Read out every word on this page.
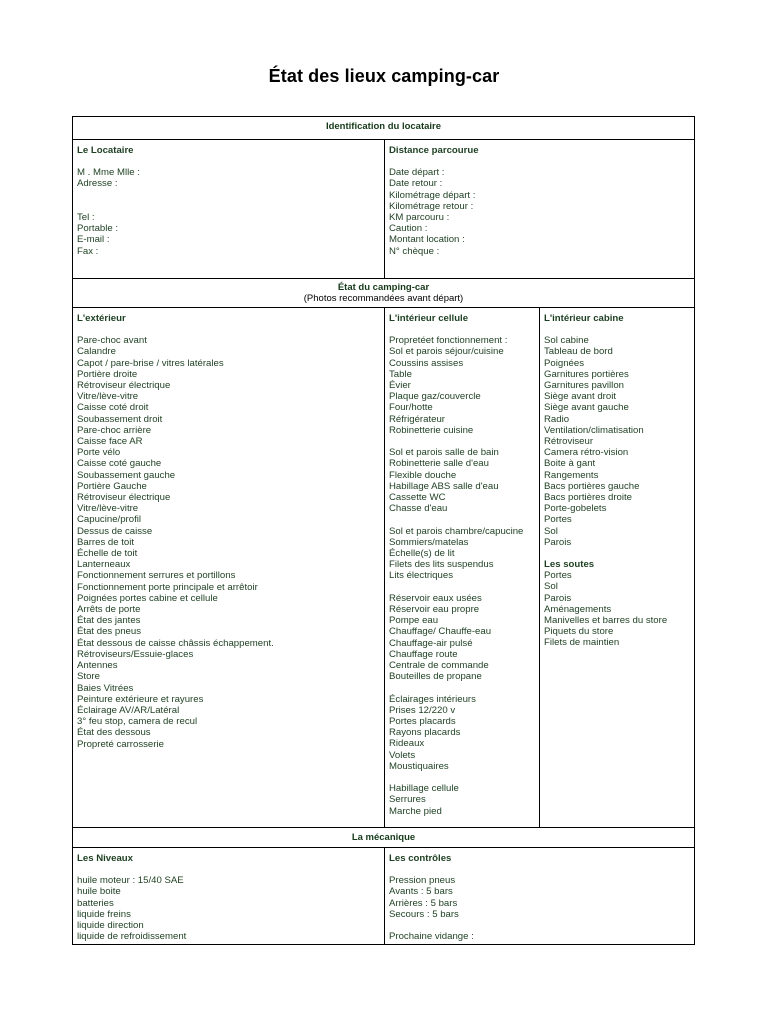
État des lieux camping-car
Identification du locataire
Le Locataire
M . Mme Mlle :
Adresse :
Tel :
Portable :
E-mail :
Fax :
Distance parcourue
Date départ :
Date retour :
Kilométrage départ :
Kilométrage retour :
KM parcouru :
Caution :
Montant location :
N° chèque :
État du camping-car
(Photos recommandées avant départ)
L'extérieur
Pare-choc avant
Calandre
Capot / pare-brise / vitres latérales
Portière droite
Rétroviseur électrique
Vitre/lève-vitre
Caisse coté droit
Soubassement droit
Pare-choc arrière
Caisse face AR
Porte vélo
Caisse coté gauche
Soubassement gauche
Portière Gauche
Rétroviseur électrique
Vitre/lève-vitre
Capucine/profil
Dessus de caisse
Barres de toit
Échelle de toit
Lanterneaux
Fonctionnement serrures et portillons
Fonctionnement porte principale et arrêtoir
Poignées portes cabine et cellule
Arrêts de porte
État des jantes
État des pneus
État dessous de caisse châssis échappement.
Rétroviseurs/Essuie-glaces
Antennes
Store
Baies Vitrées
Peinture extérieure et rayures
Éclairage AV/AR/Latéral
3° feu stop, camera de recul
État des dessous
Propreté carrosserie
L'intérieur cellule
Propretéet fonctionnement :
Sol et parois séjour/cuisine
Coussins assises
Table
Évier
Plaque gaz/couvercle
Four/hotte
Réfrigérateur
Robinetterie cuisine
Sol et parois salle de bain
Robinetterie salle d'eau
Flexible douche
Habillage ABS salle d'eau
Cassette WC
Chasse d'eau
Sol et parois chambre/capucine
Sommiers/matelas
Échelle(s) de lit
Filets des lits suspendus
Lits électriques
Réservoir eaux usées
Réservoir eau propre
Pompe eau
Chauffage/ Chauffe-eau
Chauffage-air pulsé
Chauffage route
Centrale de commande
Bouteilles de propane
Éclairages intérieurs
Prises 12/220 v
Portes placards
Rayons placards
Rideaux
Volets
Moustiquaires
Habillage cellule
Serrures
Marche pied
L'intérieur cabine
Sol cabine
Tableau de bord
Poignées
Garnitures portières
Garnitures pavillon
Siège avant droit
Siège avant gauche
Radio
Ventilation/climatisation
Rétroviseur
Camera rétro-vision
Boite à gant
Rangements
Bacs portières gauche
Bacs portières droite
Porte-gobelets
Portes
Sol
Parois
Les soutes
Portes
Sol
Parois
Aménagements
Manivelles et barres du store
Piquets du store
Filets de maintien
La mécanique
Les Niveaux
huile moteur : 15/40 SAE
huile boite
batteries
liquide freins
liquide direction
liquide de refroidissement
Les contrôles
Pression pneus
Avants : 5 bars
Arrières : 5 bars
Secours : 5 bars
Prochaine vidange :
